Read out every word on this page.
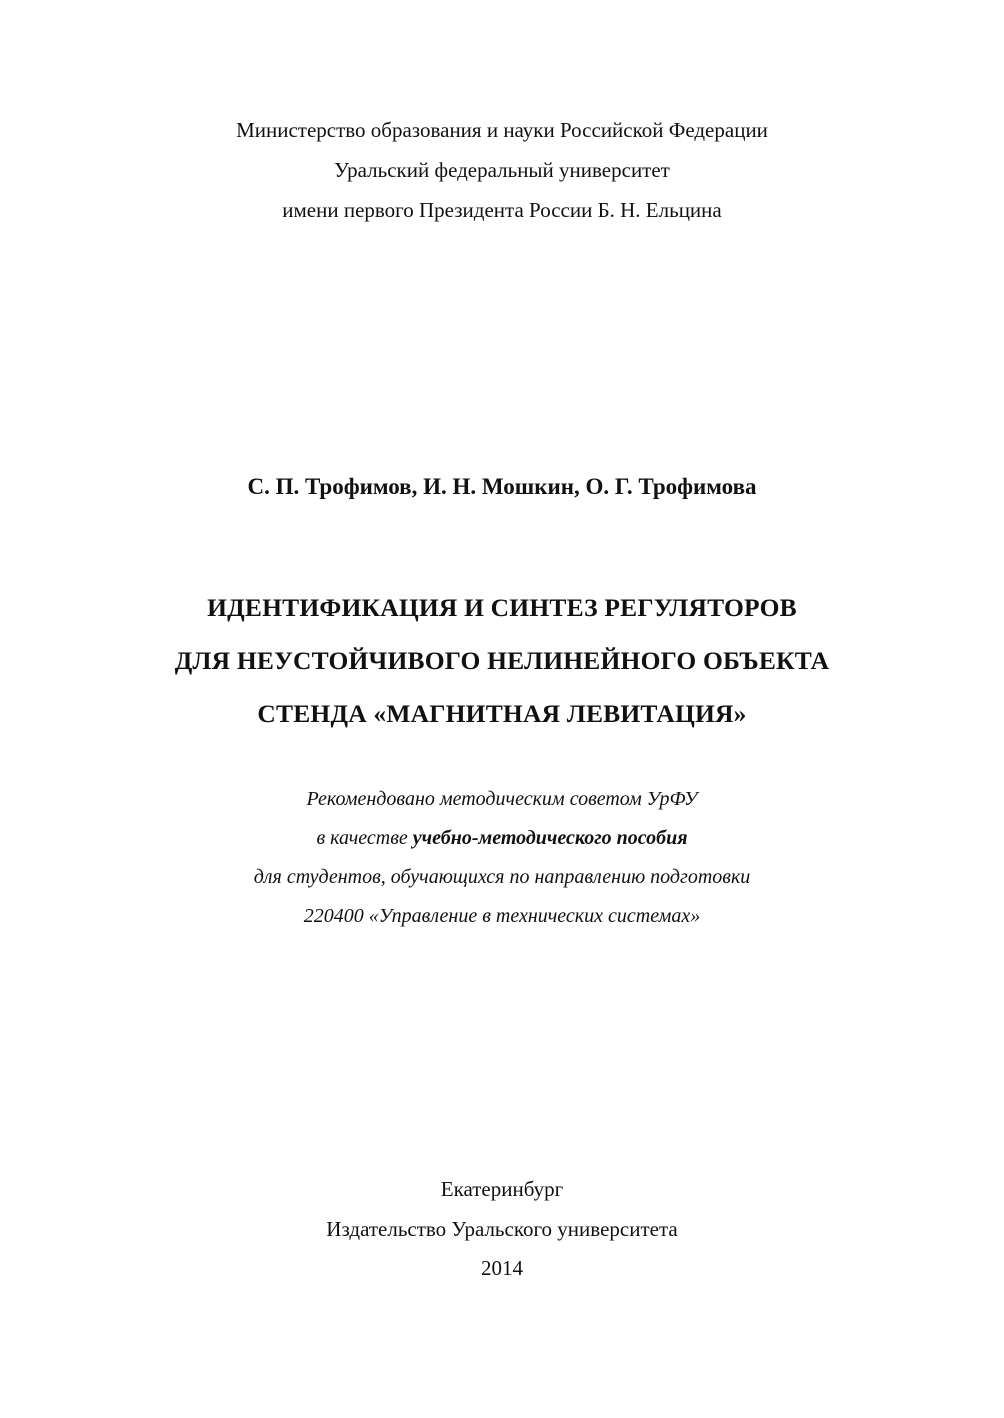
Министерство образования и науки Российской Федерации

Уральский федеральный университет

имени первого Президента России Б. Н. Ельцина

С. П. Трофимов, И. Н. Мошкин, О. Г. Трофимова

ИДЕНТИФИКАЦИЯ И СИНТЕЗ РЕГУЛЯТОРОВ

ДЛЯ НЕУСТОЙЧИВОГО НЕЛИНЕЙНОГО ОБЪЕКТА

СТЕНДА «МАГНИТНАЯ ЛЕВИТАЦИЯ»

Рекомендовано методическим советом УрФУ

в качестве учебно-методического пособия

для студентов, обучающихся по направлению подготовки

220400 «Управление в технических системах»

Екатеринбург

Издательство Уральского университета

2014
